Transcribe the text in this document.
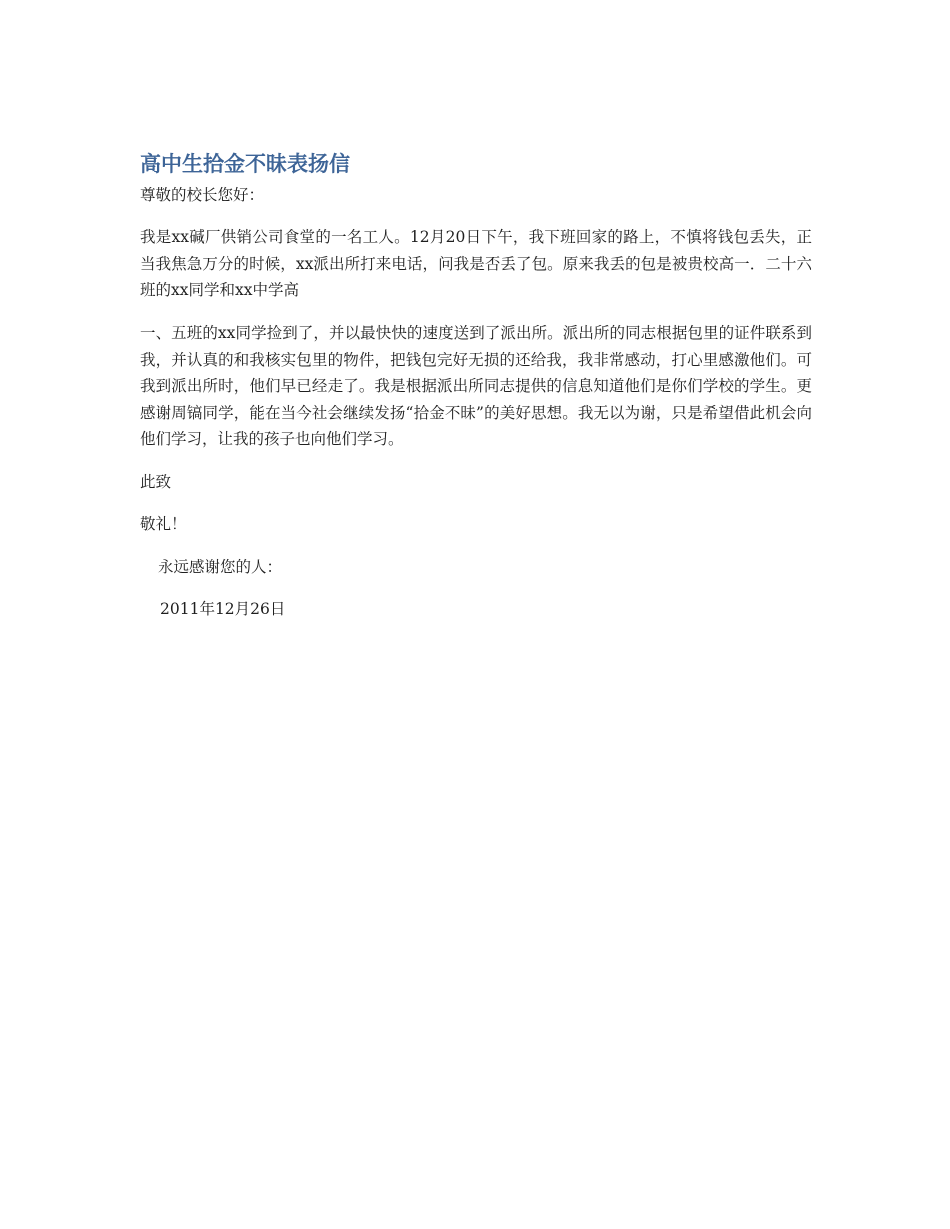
高中生拾金不昧表扬信

尊敬的校长您好：

我是xx碱厂供销公司食堂的一名工人。12月20日下午，我下班回家的路上，不慎将钱包丢失，正当我焦急万分的时候，xx派出所打来电话，问我是否丢了包。原来我丢的包是被贵校高一．二十六班的xx同学和xx中学高

一、五班的xx同学捡到了，并以最快快的速度送到了派出所。派出所的同志根据包里的证件联系到我，并认真的和我核实包里的物件，把钱包完好无损的还给我，我非常感动，打心里感激他们。可我到派出所时，他们早已经走了。我是根据派出所同志提供的信息知道他们是你们学校的学生。更感谢周镐同学，能在当今社会继续发扬“拾金不昧”的美好思想。我无以为谢，只是希望借此机会向他们学习，让我的孩子也向他们学习。

此致

敬礼！

永远感谢您的人：

2011年12月26日
